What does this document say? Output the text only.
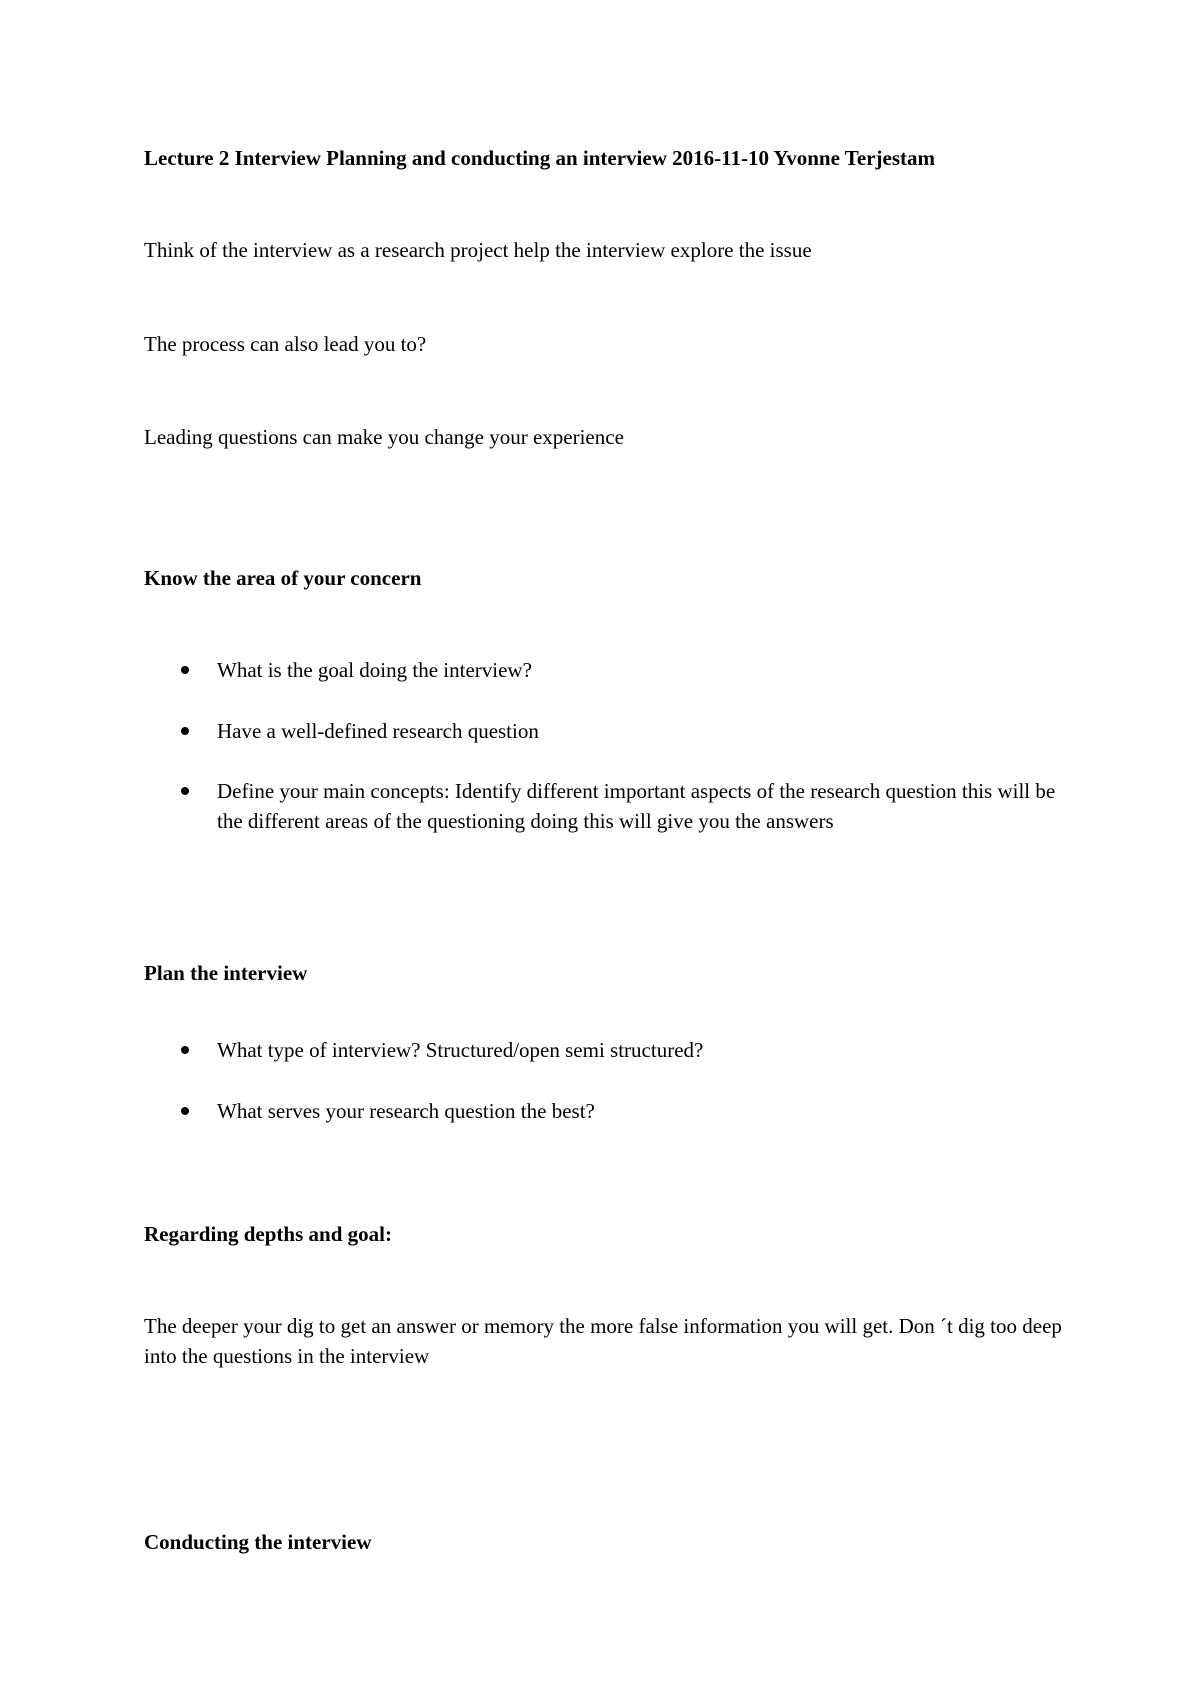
Lecture 2 Interview Planning and conducting an interview 2016-11-10 Yvonne Terjestam
Think of the interview as a research project help the interview explore the issue
The process can also lead you to?
Leading questions can make you change your experience
Know the area of your concern
What is the goal doing the interview?
Have a well-defined research question
Define your main concepts: Identify different important aspects of the research question this will be the different areas of the questioning doing this will give you the answers
Plan the interview
What type of interview? Structured/open semi structured?
What serves your research question the best?
Regarding depths and goal:
The deeper your dig to get an answer or memory the more false information you will get. Don ´t dig too deep into the questions in the interview
Conducting the interview
